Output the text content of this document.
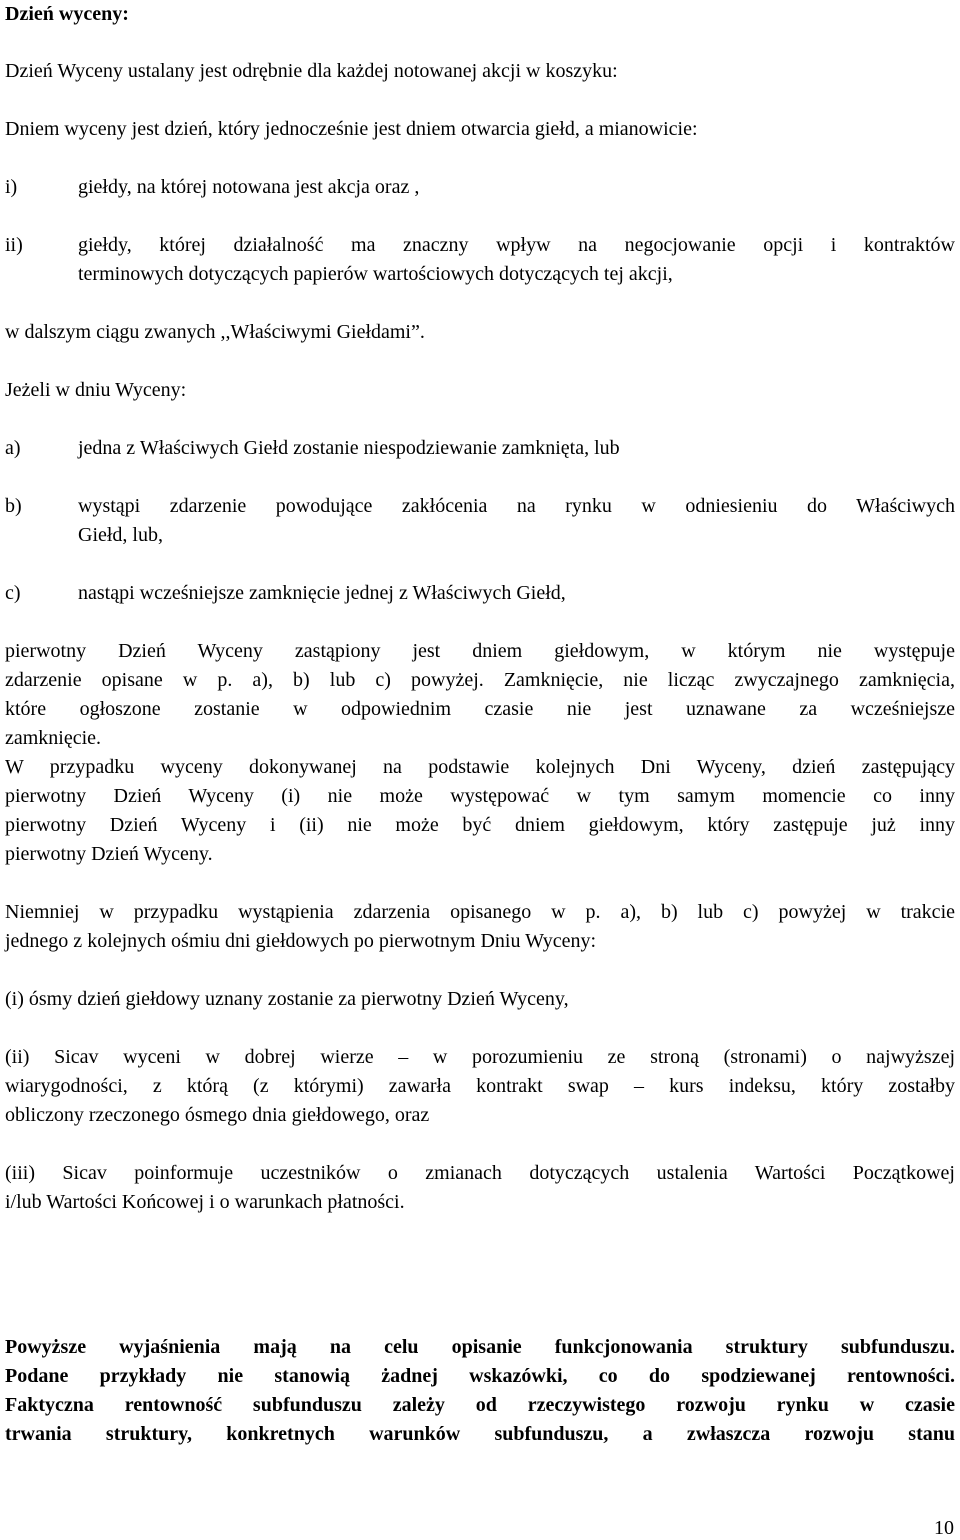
Dzień wyceny:
Dzień Wyceny ustalany jest odrębnie dla każdej notowanej akcji w koszyku:
Dniem wyceny jest dzień, który jednocześnie jest dniem otwarcia giełd, a mianowicie:
i)	giełdy, na której notowana jest akcja oraz ,
ii)	giełdy, której działalność ma znaczny wpływ na negocjowanie opcji i kontraktów
terminowych dotyczących papierów wartościowych dotyczących tej akcji,
w dalszym ciągu zwanych ,,Właściwymi Giełdami”.
Jeżeli w dniu Wyceny:
a)	jedna z Właściwych Giełd zostanie niespodziewanie zamknięta, lub
b)	wystąpi zdarzenie powodujące zakłócenia na rynku w odniesieniu do Właściwych
Giełd, lub,
c)	nastąpi wcześniejsze zamknięcie jednej z Właściwych Giełd,
pierwotny Dzień Wyceny zastąpiony jest dniem giełdowym, w którym nie występuje
zdarzenie opisane w p. a), b) lub c) powyżej. Zamknięcie, nie licząc zwyczajnego zamknięcia,
które ogłoszone zostanie w odpowiednim czasie nie jest uznawane za wcześniejsze
zamknięcie.
W przypadku wyceny dokonywanej na podstawie kolejnych Dni Wyceny, dzień zastępujący
pierwotny Dzień Wyceny (i) nie może występować w tym samym momencie co inny
pierwotny Dzień Wyceny i (ii) nie może być dniem giełdowym, który zastępuje już inny
pierwotny Dzień Wyceny.
Niemniej w przypadku wystąpienia zdarzenia opisanego w p. a), b) lub c) powyżej w trakcie
jednego z kolejnych ośmiu dni giełdowych po pierwotnym Dniu Wyceny:
(i) ósmy dzień giełdowy uznany zostanie za pierwotny Dzień Wyceny,
(ii) Sicav wyceni w dobrej wierze – w porozumieniu ze stroną (stronami) o najwyższej
wiarygodności, z którą (z którymi) zawarła kontrakt swap – kurs indeksu, który zostałby
obliczony rzeczonego ósmego dnia giełdowego, oraz
(iii) Sicav poinformuje uczestników o zmianach dotyczących ustalenia Wartości Początkowej
i/lub Wartości Końcowej i o warunkach płatności.
Powyższe wyjaśnienia mają na celu opisanie funkcjonowania struktury subfunduszu.
Podane przykłady nie stanowią żadnej wskazówki, co do spodziewanej rentowności.
Faktyczna rentowność subfunduszu zależy od rzeczywistego rozwoju rynku w czasie
trwania struktury, konkretnych warunków subfunduszu, a zwłaszcza rozwoju stanu
10
